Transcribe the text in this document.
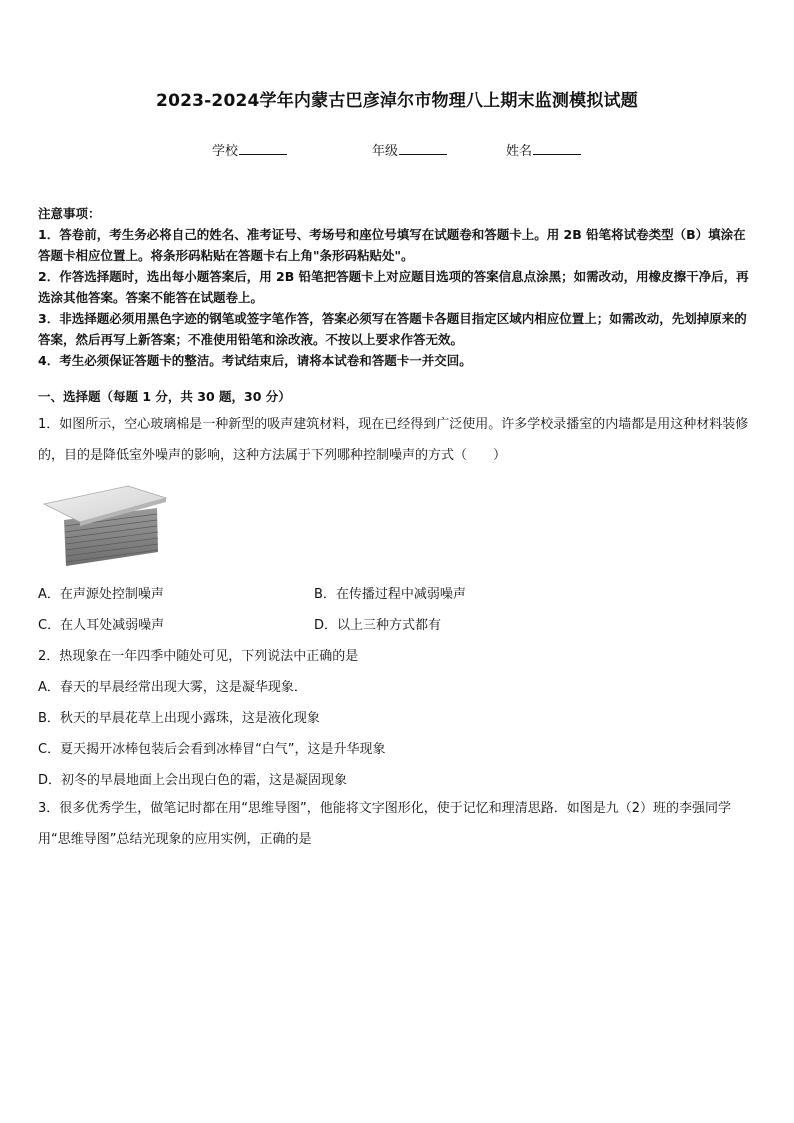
2023-2024学年内蒙古巴彦淖尔市物理八上期末监测模拟试题
学校	年级	姓名

注意事项：

1．答卷前，考生务必将自己的姓名、准考证号、考场号和座位号填写在试题卷和答题卡上。用 2B 铅笔将试卷类型（B）填涂在答题卡相应位置上。将条形码粘贴在答题卡右上角"条形码粘贴处"。

2．作答选择题时，选出每小题答案后，用 2B 铅笔把答题卡上对应题目选项的答案信息点涂黑；如需改动，用橡皮擦干净后，再选涂其他答案。答案不能答在试题卷上。

3．非选择题必须用黑色字迹的钢笔或签字笔作答，答案必须写在答题卡各题目指定区域内相应位置上；如需改动，先划掉原来的答案，然后再写上新答案；不准使用铅笔和涂改液。不按以上要求作答无效。

4．考生必须保证答题卡的整洁。考试结束后，请将本试卷和答题卡一并交回。

一、选择题（每题 1 分，共 30 题，30 分）

1．如图所示，空心玻璃棉是一种新型的吸声建筑材料，现在已经得到广泛使用。许多学校录播室的内墙都是用这种材料装修的，目的是降低室外噪声的影响，这种方法属于下列哪种控制噪声的方式（　　）

A．在声源处控制噪声	B．在传播过程中减弱噪声
C．在人耳处减弱噪声	D．以上三种方式都有
2．热现象在一年四季中随处可见，下列说法中正确的是
A．春天的早晨经常出现大雾，这是凝华现象．
B．秋天的早晨花草上出现小露珠，这是液化现象
C．夏天揭开冰棒包装后会看到冰棒冒“白气”，这是升华现象
D．初冬的早晨地面上会出现白色的霜，这是凝固现象

3．很多优秀学生，做笔记时都在用“思维导图”，他能将文字图形化，使于记忆和理清思路．如图是九（2）班的李强同学用“思维导图”总结光现象的应用实例，正确的是
